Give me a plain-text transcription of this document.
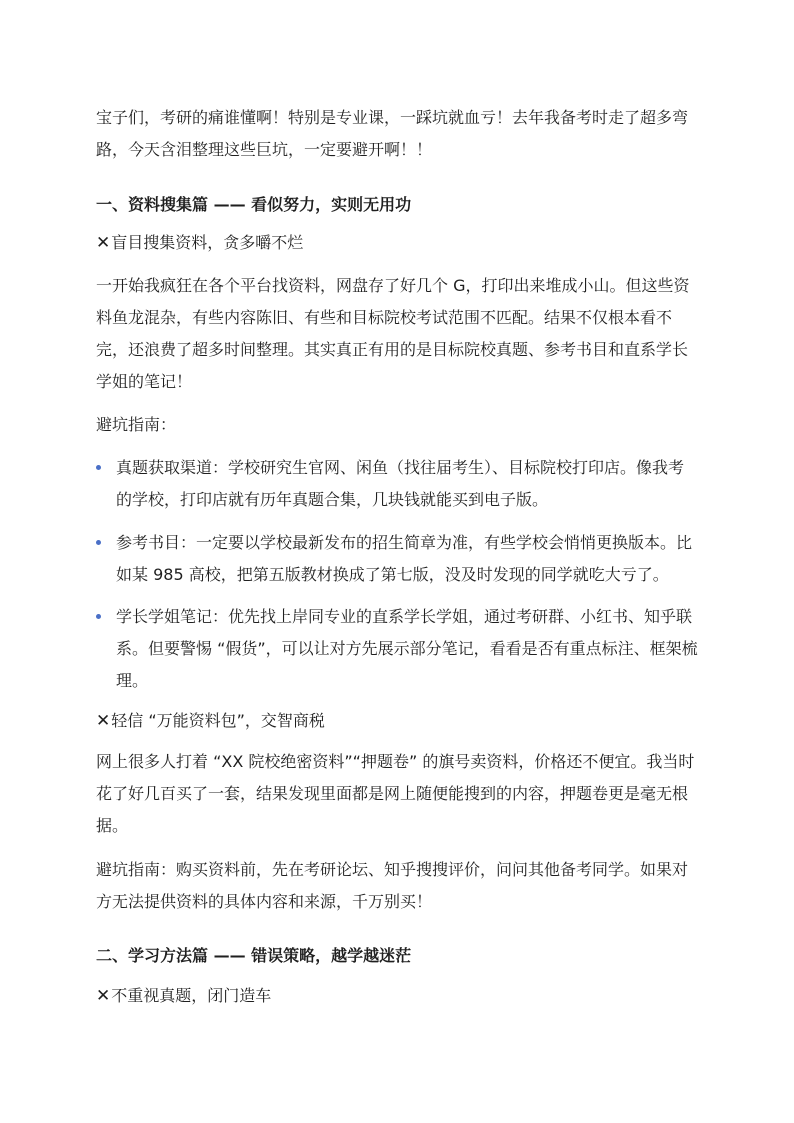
宝子们，考研的痛谁懂啊！特别是专业课，一踩坑就血亏！去年我备考时走了超多弯路，今天含泪整理这些巨坑，一定要避开啊！！

一、资料搜集篇 —— 看似努力，实则无用功

✕盲目搜集资料，贪多嚼不烂

一开始我疯狂在各个平台找资料，网盘存了好几个 G，打印出来堆成小山。但这些资料鱼龙混杂，有些内容陈旧、有些和目标院校考试范围不匹配。结果不仅根本看不完，还浪费了超多时间整理。其实真正有用的是目标院校真题、参考书目和直系学长学姐的笔记！

避坑指南：

真题获取渠道：学校研究生官网、闲鱼（找往届考生）、目标院校打印店。像我考的学校，打印店就有历年真题合集，几块钱就能买到电子版。
参考书目：一定要以学校最新发布的招生简章为准，有些学校会悄悄更换版本。比如某 985 高校，把第五版教材换成了第七版，没及时发现的同学就吃大亏了。
学长学姐笔记：优先找上岸同专业的直系学长学姐，通过考研群、小红书、知乎联系。但要警惕 “假货”，可以让对方先展示部分笔记，看看是否有重点标注、框架梳理。

✕轻信 “万能资料包”，交智商税

网上很多人打着 “XX 院校绝密资料”“押题卷” 的旗号卖资料，价格还不便宜。我当时花了好几百买了一套，结果发现里面都是网上随便能搜到的内容，押题卷更是毫无根据。

避坑指南：购买资料前，先在考研论坛、知乎搜搜评价，问问其他备考同学。如果对方无法提供资料的具体内容和来源，千万别买！

二、学习方法篇 —— 错误策略，越学越迷茫

✕不重视真题，闭门造车
